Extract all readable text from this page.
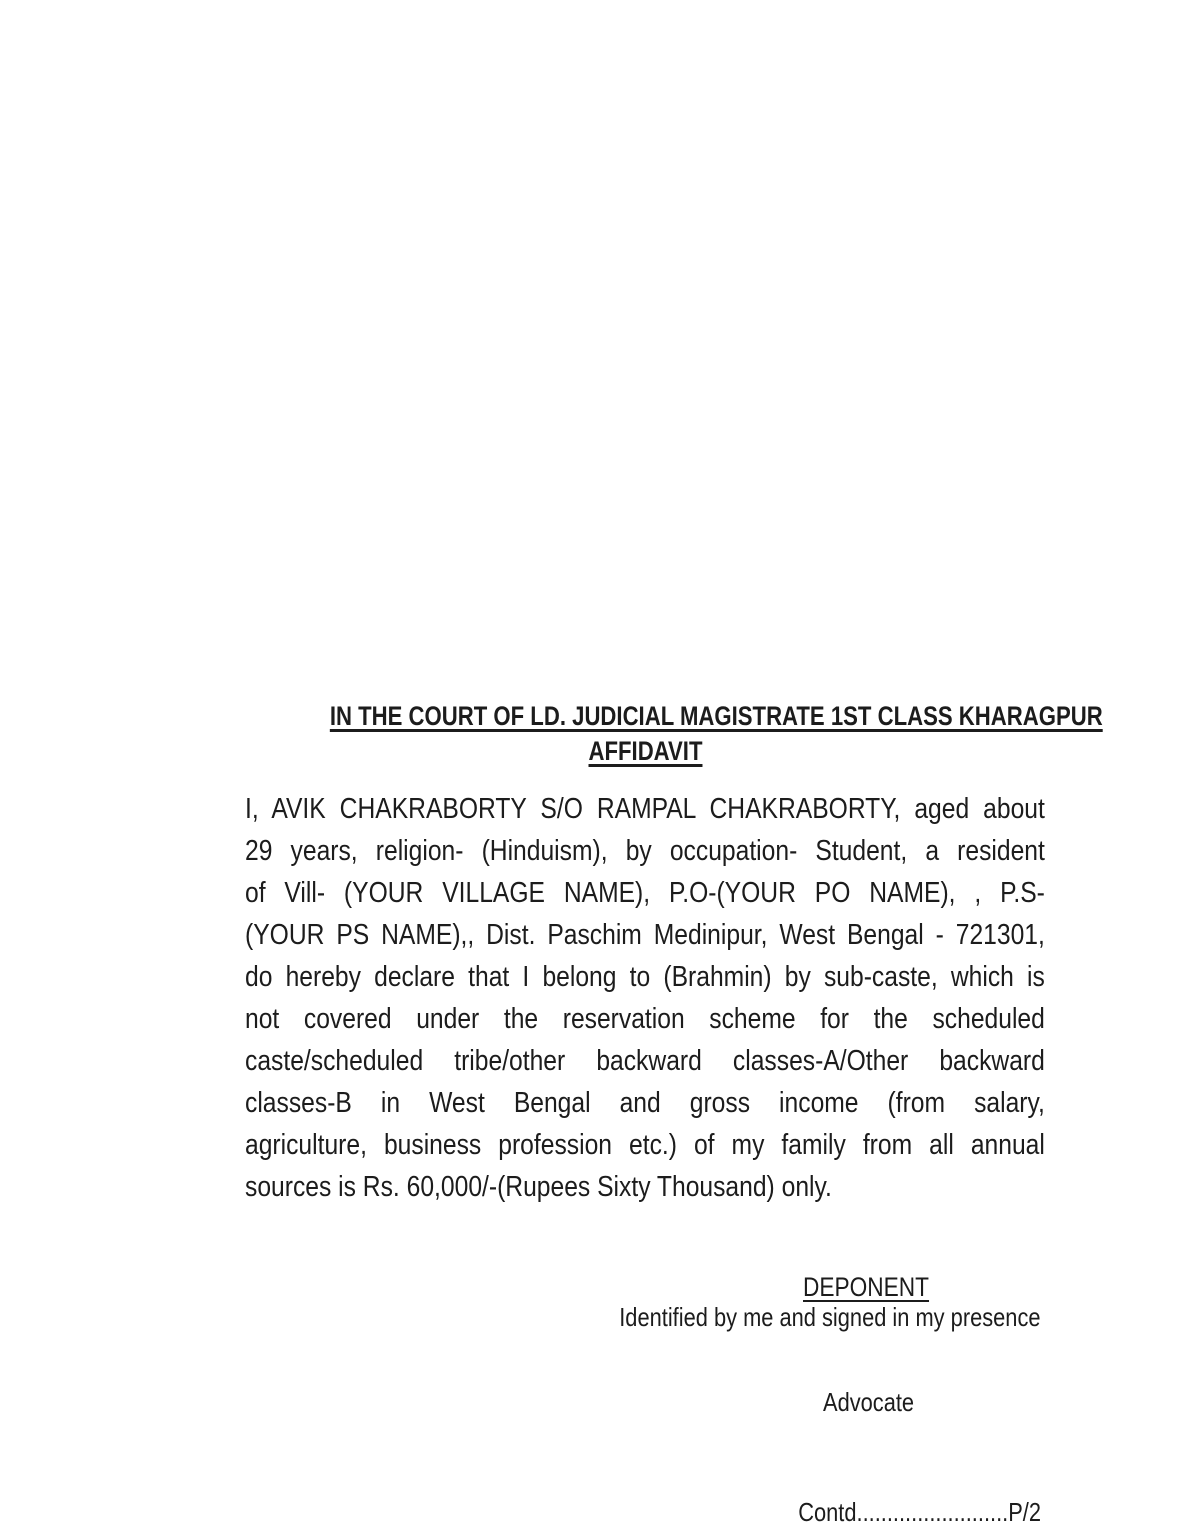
IN THE COURT OF LD. JUDICIAL MAGISTRATE 1ST CLASS KHARAGPUR
AFFIDAVIT
I, AVIK CHAKRABORTY S/O RAMPAL CHAKRABORTY, aged about
29 years, religion- (Hinduism), by occupation- Student, a resident
of Vill- (YOUR VILLAGE NAME), P.O-(YOUR PO NAME), , P.S-
(YOUR PS NAME),, Dist. Paschim Medinipur, West Bengal - 721301,
do hereby declare that I belong to (Brahmin) by sub-caste, which is
not covered under the reservation scheme for the scheduled
caste/scheduled tribe/other backward classes-A/Other backward
classes-B in West Bengal and gross income (from salary,
agriculture, business profession etc.) of my family from all annual
sources is Rs. 60,000/-(Rupees Sixty Thousand) only.
DEPONENT
Identified by me and signed in my presence
Advocate
Contd.........................P/2
